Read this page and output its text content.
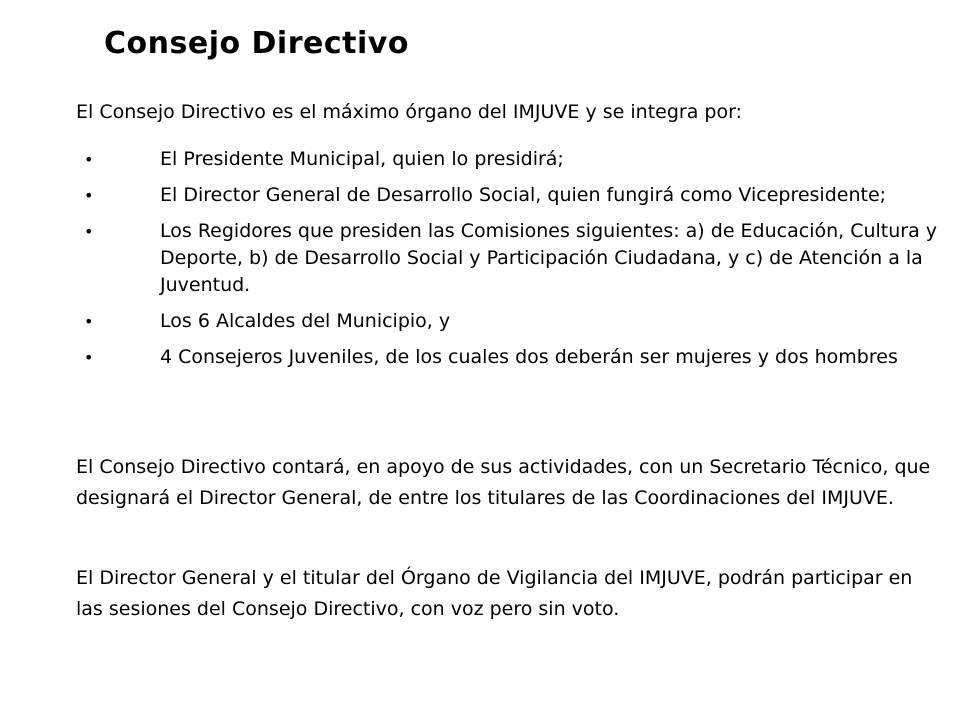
Consejo Directivo

El Consejo Directivo es el máximo órgano del IMJUVE y se integra por:

•	El Presidente Municipal, quien lo presidirá;
•	El Director General de Desarrollo Social, quien fungirá como Vicepresidente;
•	Los Regidores que presiden las Comisiones siguientes: a) de Educación, Cultura y Deporte, b) de Desarrollo Social y Participación Ciudadana, y c) de Atención a la Juventud.
•	Los 6 Alcaldes del Municipio, y
•	4 Consejeros Juveniles, de los cuales dos deberán ser mujeres y dos hombres

El Consejo Directivo contará, en apoyo de sus actividades, con un Secretario Técnico, que designará el Director General, de entre los titulares de las Coordinaciones del IMJUVE.

El Director General y el titular del Órgano de Vigilancia del IMJUVE, podrán participar en las sesiones del Consejo Directivo, con voz pero sin voto.
